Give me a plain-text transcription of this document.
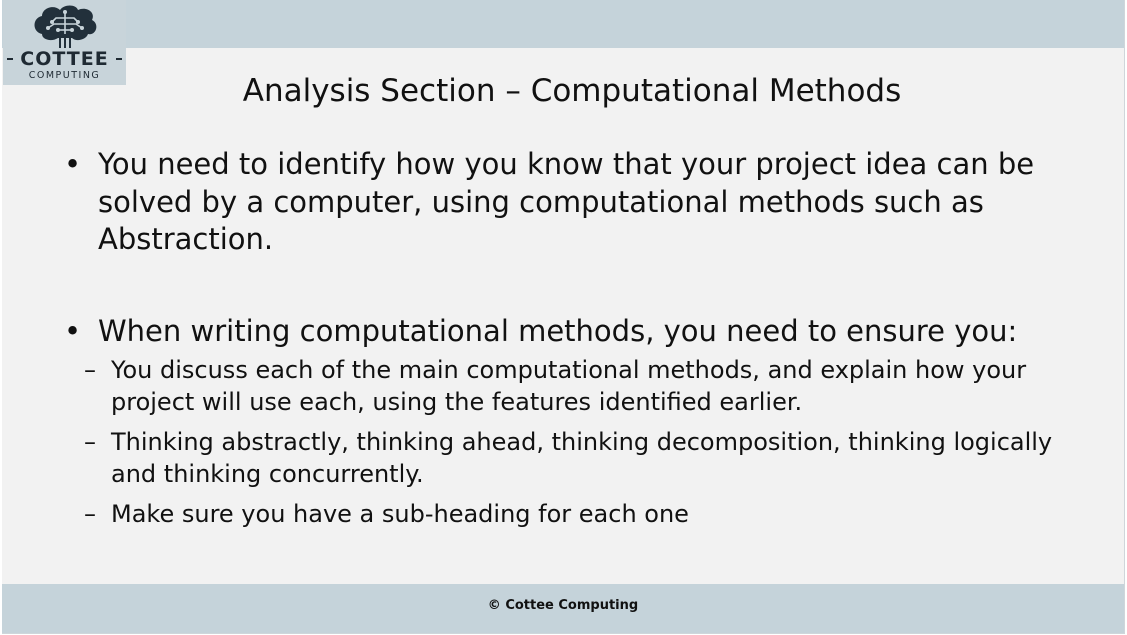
COTTEE
COMPUTING	Analysis Section – Computational Methods
• You need to identify how you know that your project idea can be solved by a computer, using computational methods such as Abstraction.
• When writing computational methods, you need to ensure you:
– You discuss each of the main computational methods, and explain how your project will use each, using the features identified earlier.
– Thinking abstractly, thinking ahead, thinking decomposition, thinking logically and thinking concurrently.
– Make sure you have a sub-heading for each one
© Cottee Computing
